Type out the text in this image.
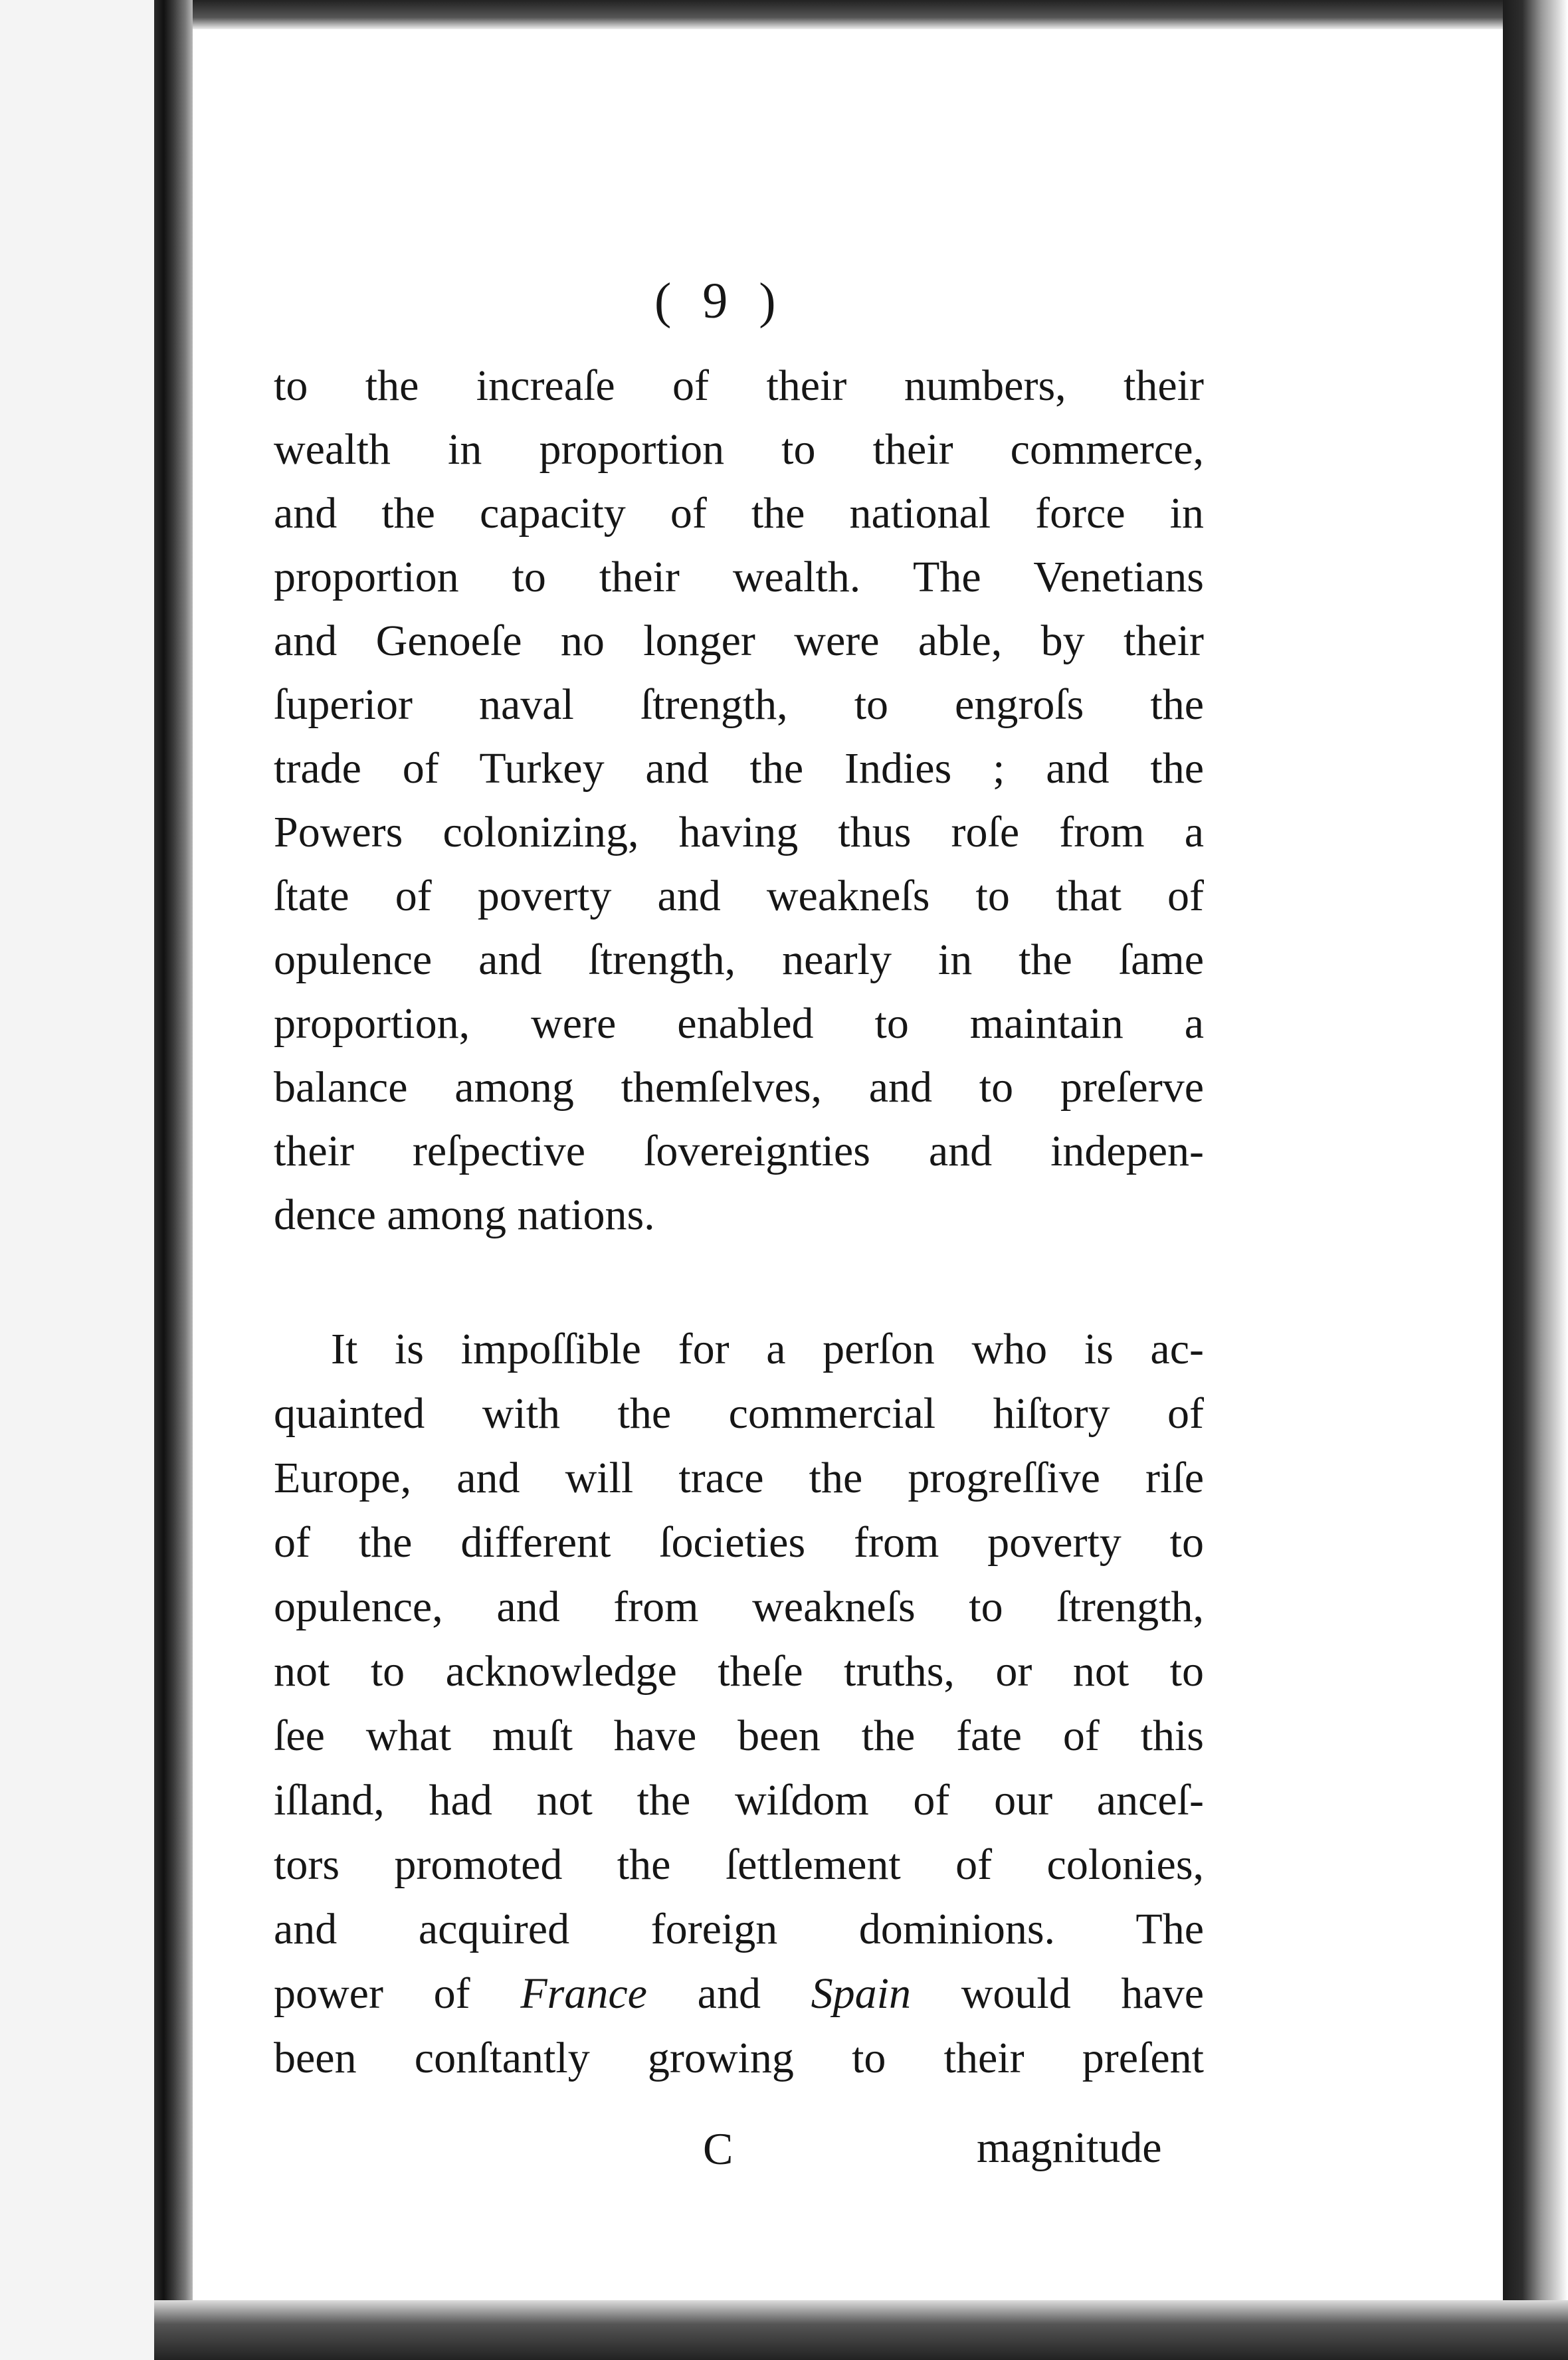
( 9 )
to the increaſe of their numbers, their
wealth in proportion to their commerce,
and the capacity of the national force in
proportion to their wealth. The Venetians
and Genoeſe no longer were able, by their
ſuperior naval ſtrength, to engroſs the
trade of Turkey and the Indies ; and the
Powers colonizing, having thus roſe from a
ſtate of poverty and weakneſs to that of
opulence and ſtrength, nearly in the ſame
proportion, were enabled to maintain a
balance among themſelves, and to preſerve
their reſpective ſovereignties and indepen-
dence among nations.
It is impoſſible for a perſon who is ac-
quainted with the commercial hiſtory of
Europe, and will trace the progreſſive riſe
of the different ſocieties from poverty to
opulence, and from weakneſs to ſtrength,
not to acknowledge theſe truths, or not to
ſee what muſt have been the fate of this
iſland, had not the wiſdom of our anceſ-
tors promoted the ſettlement of colonies,
and acquired foreign dominions. The
power of France and Spain would have
been conſtantly growing to their preſent
C	magnitude
